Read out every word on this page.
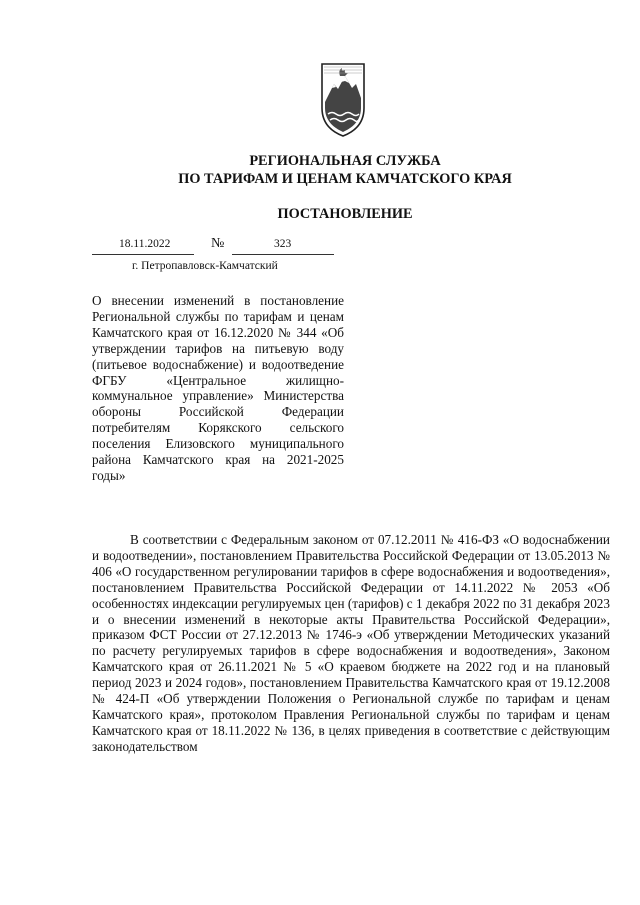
РЕГИОНАЛЬНАЯ СЛУЖБА
ПО ТАРИФАМ И ЦЕНАМ КАМЧАТСКОГО КРАЯ
ПОСТАНОВЛЕНИЕ
18.11.2022	№	323
г. Петропавловск-Камчатский
О внесении изменений в постановление Региональной службы по тарифам и ценам Камчатского края от 16.12.2020 № 344 «Об утверждении тарифов на питьевую воду (питьевое водоснабжение) и водоотведение ФГБУ «Центральное жилищно-коммунальное управление» Министерства обороны Российской Федерации потребителям Корякского сельского поселения Елизовского муниципального района Камчатского края на 2021-2025 годы»

В соответствии с Федеральным законом от 07.12.2011 № 416-ФЗ «О водоснабжении и водоотведении», постановлением Правительства Российской Федерации от 13.05.2013 № 406 «О государственном регулировании тарифов в сфере водоснабжения и водоотведения», постановлением Правительства Российской Федерации от 14.11.2022 № 2053 «Об особенностях индексации регулируемых цен (тарифов) с 1 декабря 2022 по 31 декабря 2023 и о внесении изменений в некоторые акты Правительства Российской Федерации», приказом ФСТ России от 27.12.2013 № 1746-э «Об утверждении Методических указаний по расчету регулируемых тарифов в сфере водоснабжения и водоотведения», Законом Камчатского края от 26.11.2021 № 5 «О краевом бюджете на 2022 год и на плановый период 2023 и 2024 годов», постановлением Правительства Камчатского края от 19.12.2008 № 424-П «Об утверждении Положения о Региональной службе по тарифам и ценам Камчатского края», протоколом Правления Региональной службы по тарифам и ценам Камчатского края от 18.11.2022 № 136, в целях приведения в соответствие с действующим законодательством
